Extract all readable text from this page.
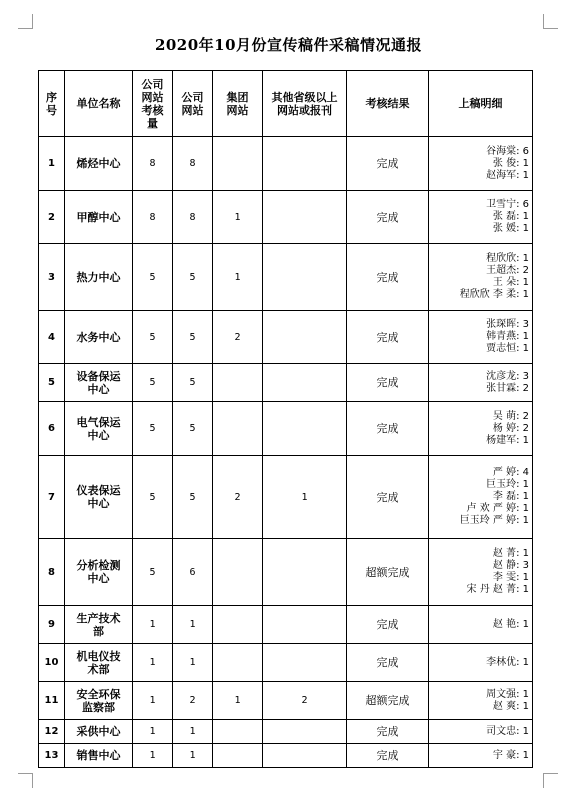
2020年10月份宣传稿件采稿情况通报
序号	单位名称	公司网站考核量	公司网站	集团网站	其他省级以上网站或报刊	考核结果	上稿明细
1	烯烃中心	8	8			完成	谷海棠: 6
张 俊: 1
赵海军: 1

2	甲醇中心	8	8	1		完成	卫雪宁: 6
张 磊: 1
张 媛: 1

3	热力中心	5	5	1		完成	程欣欣: 1
王超杰: 2
王 朵: 1
程欣欣 李 柔: 1

4	水务中心	5	5	2		完成	张琛晖: 3
韩青燕: 1
贾志恒: 1

5	设备保运中心	5	5			完成	沈彦龙: 3
张甘霖: 2

6	电气保运中心	5	5			完成	吴 萌: 2
杨 婷: 2
杨建军: 1

7	仪表保运中心	5	5	2	1	完成	严 婷: 4
巨玉玲: 1
李 磊: 1
卢 欢 严 婷: 1
巨玉玲 严 婷: 1

8	分析检测中心	5	6			超额完成	赵 菁: 1
赵 静: 3
李 雯: 1
宋 丹 赵 菁: 1

9	生产技术部	1	1			完成	赵 艳: 1

10	机电仪技术部	1	1			完成	李林优: 1

11	安全环保监察部	1	2	1	2	超额完成	周文强: 1
赵 爽: 1

12	采供中心	1	1			完成	司文忠: 1

13	销售中心	1	1			完成	宇 豪: 1
